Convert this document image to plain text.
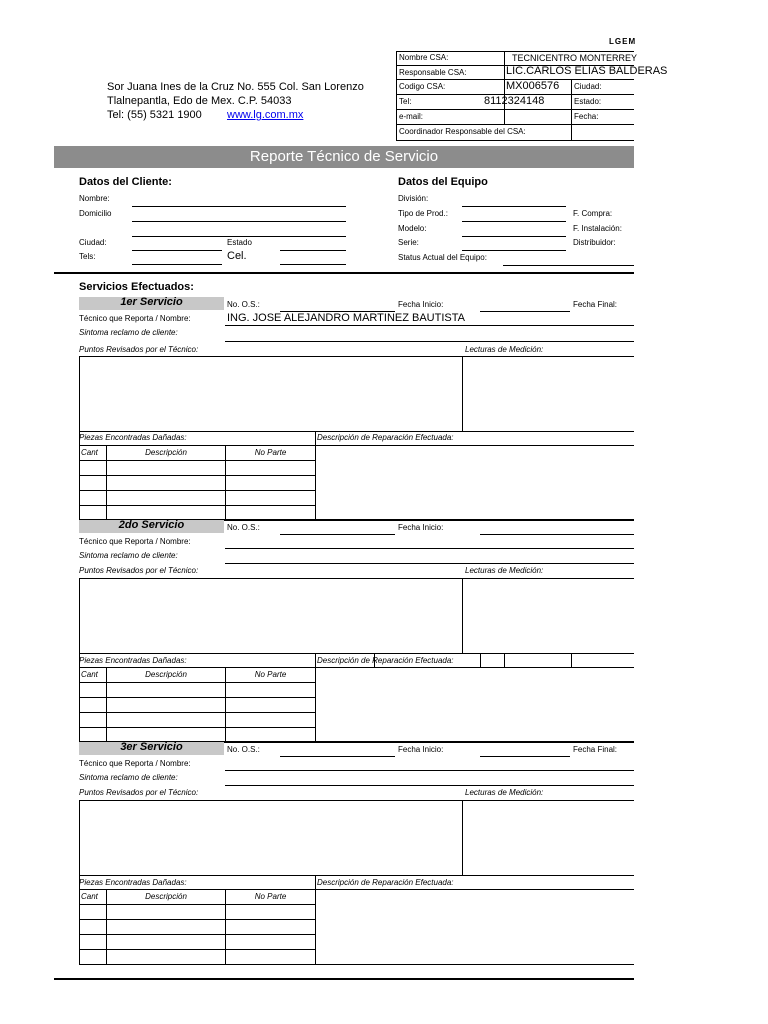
LGEM
Sor Juana Ines de la Cruz No. 555 Col. San Lorenzo
Tlalnepantla, Edo de Mex. C.P. 54033
Tel: (55) 5321 1900 www.lg.com.mx
Nombre CSA:	TECNICENTRO MONTERREY
Responsable CSA:	LIC.CARLOS ELIAS BALDERAS
Codigo CSA:	MX006576	Ciudad:
Tel:	8112324148	Estado:
e-mail:	Fecha:
Coordinador Responsable del CSA:
Reporte Técnico de Servicio
Datos del Cliente:
Nombre:
Domicilio
Ciudad:	Estado
Tels:	Cel.
Datos del Equipo
División:
Tipo de Prod.:	F. Compra:
Modelo:	F. Instalación:
Serie:	Distribuidor:
Status Actual del Equipo:
Servicios Efectuados:
1er Servicio	No. O.S.:	Fecha Inicio:	Fecha Final:
Técnico que Reporta / Nombre:	ING. JOSE ALEJANDRO MARTINEZ BAUTISTA
Sintoma reclamo de cliente:
Puntos Revisados por el Técnico:	Lecturas de Medición:
Piezas Encontradas Dañadas:	Descripción de Reparación Efectuada:
Cant	Descripción	No Parte
2do Servicio	No. O.S.:	Fecha Inicio:
Técnico que Reporta / Nombre:
Sintoma reclamo de cliente:
Puntos Revisados por el Técnico:	Lecturas de Medición:
Piezas Encontradas Dañadas:	Descripción de Reparación Efectuada:
Cant	Descripción	No Parte
3er Servicio	No. O.S.:	Fecha Inicio:	Fecha Final:
Técnico que Reporta / Nombre:
Sintoma reclamo de cliente:
Puntos Revisados por el Técnico:	Lecturas de Medición:
Piezas Encontradas Dañadas:	Descripción de Reparación Efectuada:
Cant	Descripción	No Parte
